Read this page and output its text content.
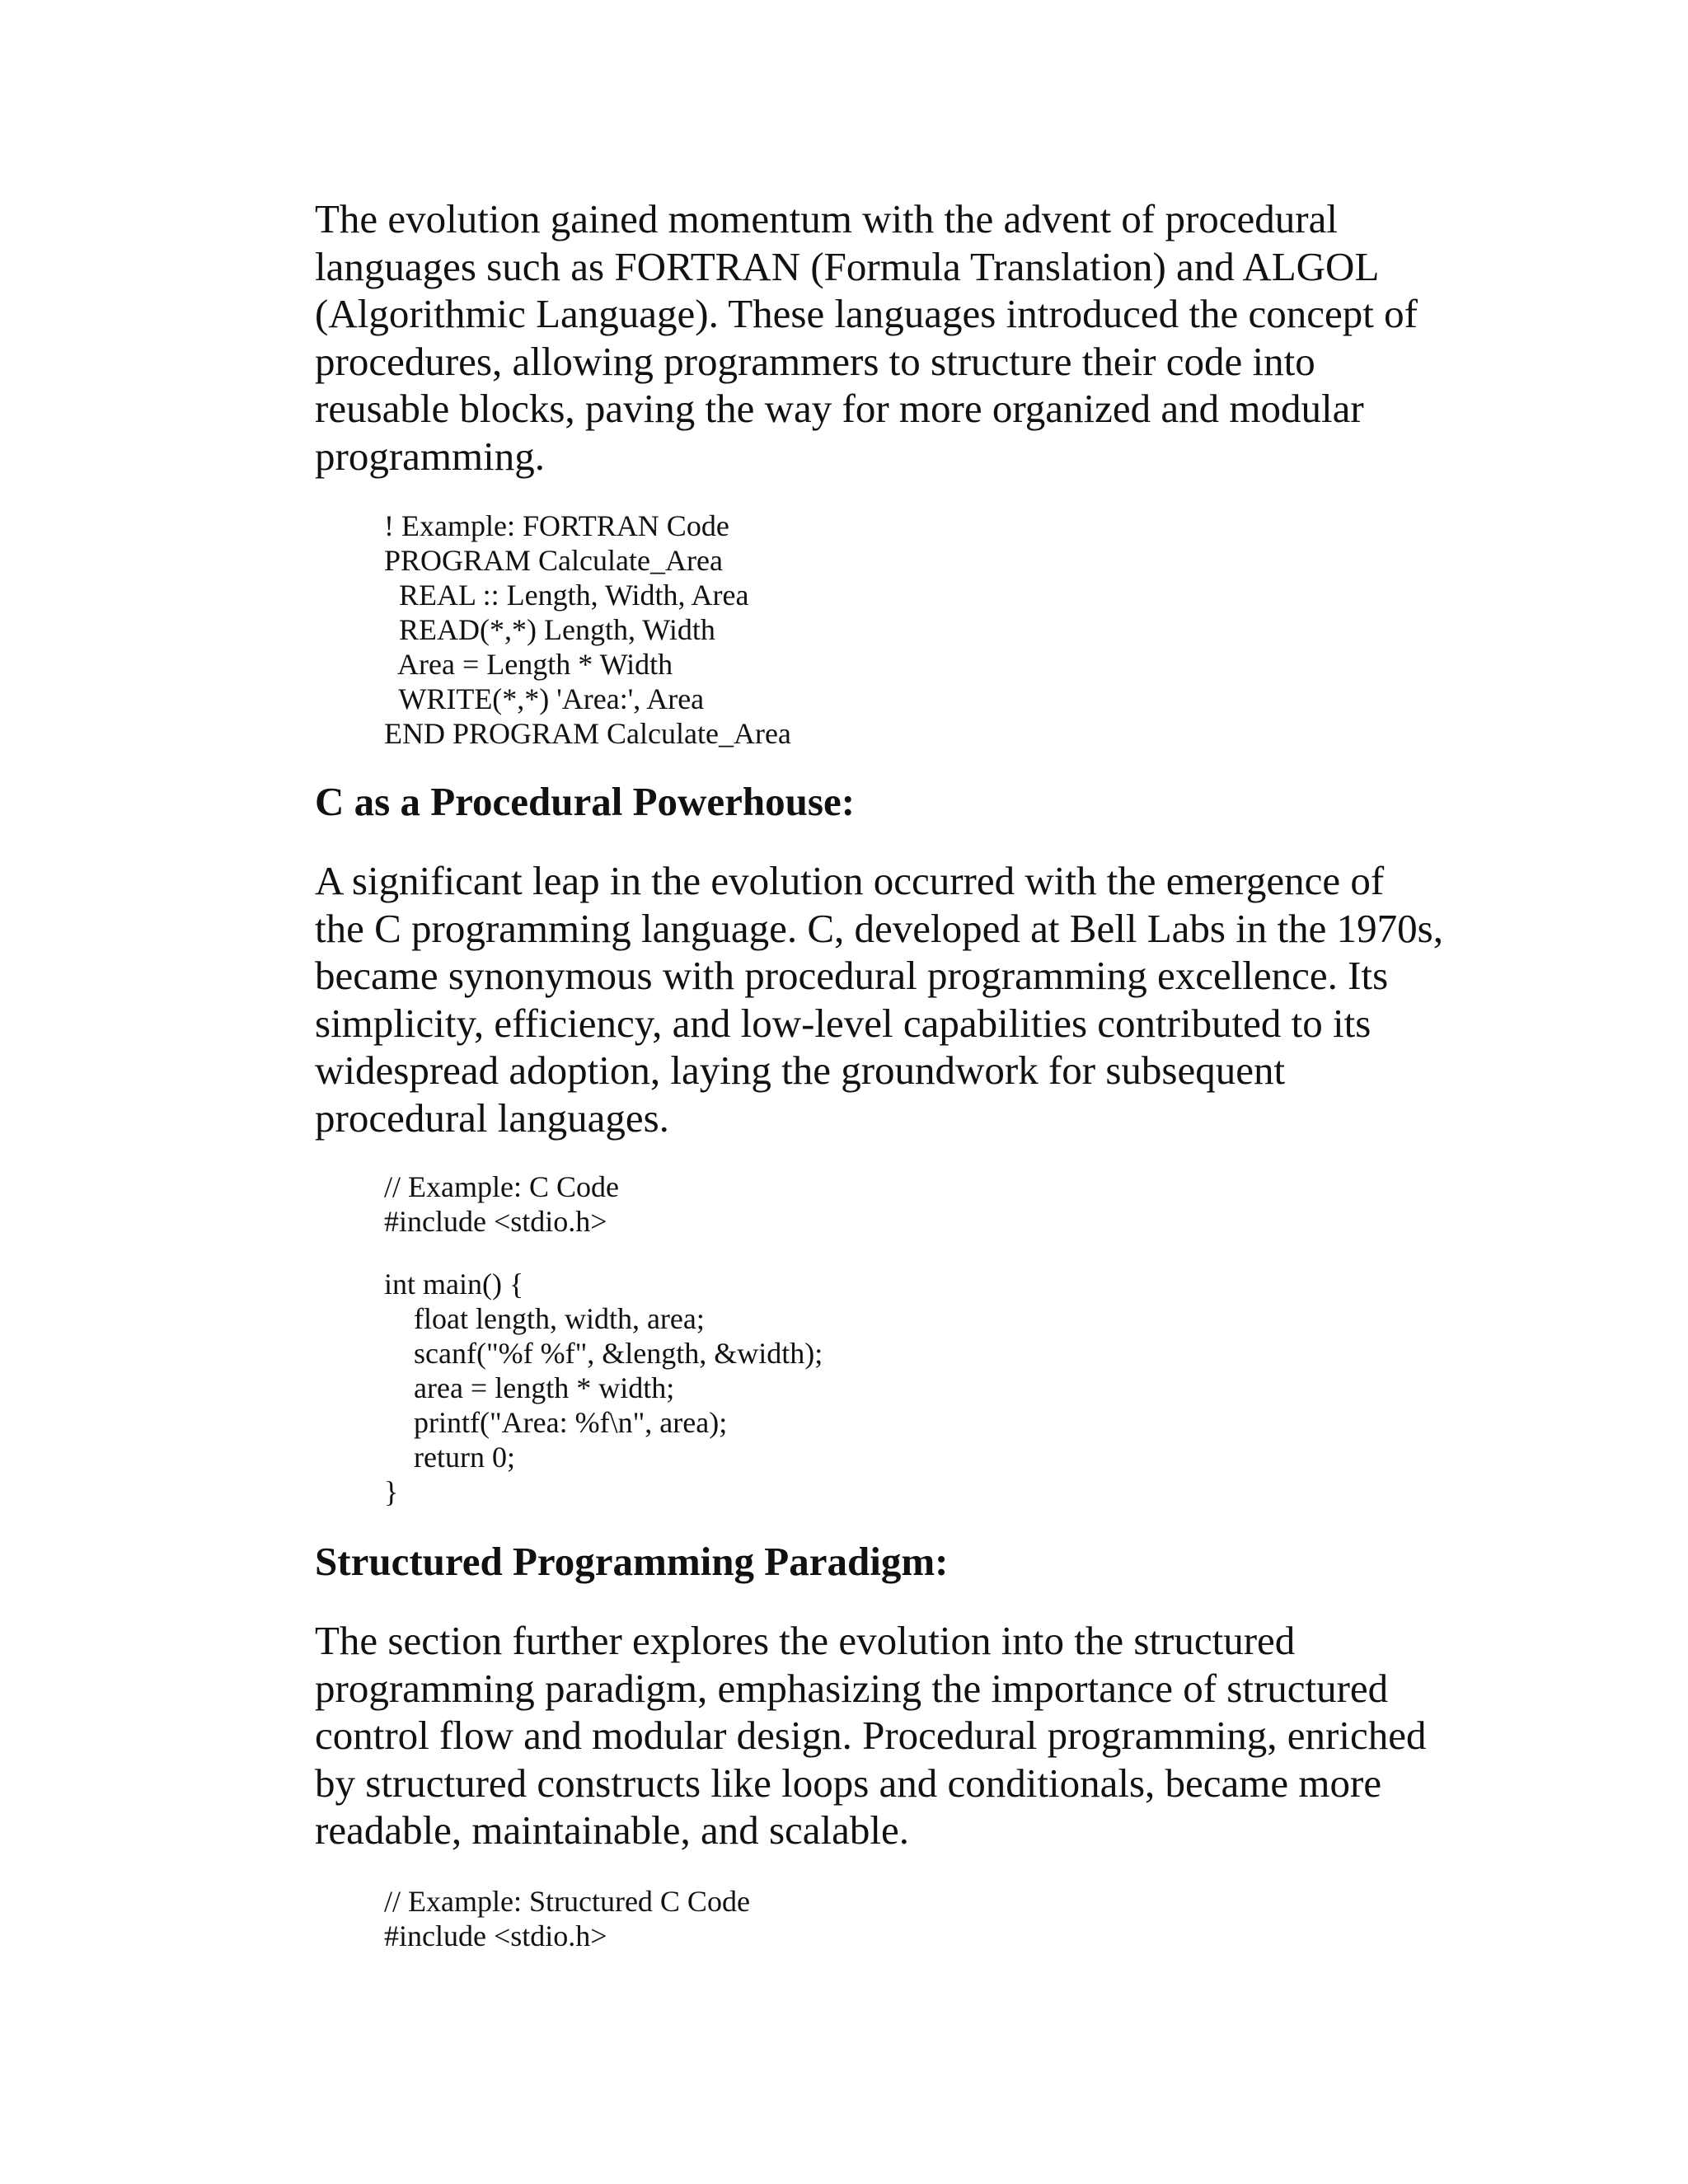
The evolution gained momentum with the advent of procedural
languages such as FORTRAN (Formula Translation) and ALGOL
(Algorithmic Language). These languages introduced the concept of
procedures, allowing programmers to structure their code into
reusable blocks, paving the way for more organized and modular
programming.

! Example: FORTRAN Code
PROGRAM Calculate_Area
REAL :: Length, Width, Area
READ(*,*) Length, Width
Area = Length * Width
WRITE(*,*) 'Area:', Area
END PROGRAM Calculate_Area
C as a Procedural Powerhouse:

A significant leap in the evolution occurred with the emergence of
the C programming language. C, developed at Bell Labs in the 1970s,
became synonymous with procedural programming excellence. Its
simplicity, efficiency, and low-level capabilities contributed to its
widespread adoption, laying the groundwork for subsequent
procedural languages.

// Example: C Code
#include <stdio.h>
int main() {
float length, width, area;
scanf("%f %f", &length, &width);
area = length * width;
printf("Area: %f\n", area);
return 0;
}
Structured Programming Paradigm:

The section further explores the evolution into the structured
programming paradigm, emphasizing the importance of structured
control flow and modular design. Procedural programming, enriched
by structured constructs like loops and conditionals, became more
readable, maintainable, and scalable.

// Example: Structured C Code
#include <stdio.h>
